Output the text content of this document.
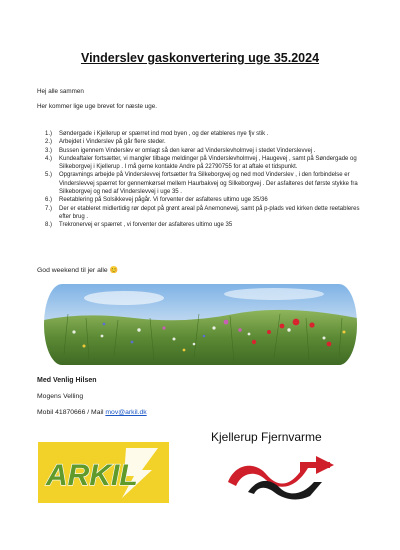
Vinderslev gaskonvertering uge 35.2024
Hej alle sammen
Her kommer lige uge brevet for næste uge.
1.)	Søndergade i Kjellerup er spærret ind mod byen , og der etableres nye fjv stik .
2.)	Arbejdet i Vinderslev på går flere steder.
3.)	Bussen igennem Vinderslev er omlagt så den kører ad Vinderslevholmvej i stedet Vinderslevvej .
4.)	Kundeaftaler fortsætter, vi mangler tilbage meldinger på Vinderslevholmvej , Haugevej , samt på Søndergade og Silkeborgvej i Kjellerup . I må gerne kontakte Andre på 22790755 for at aftale et tidspunkt.
5.)	Opgravnings arbejde på Vinderslevvej fortsætter fra Silkeborgvej og ned mod Vinderslev , i den forbindelse er Vinderslevvej spærret for gennemkørsel mellem Haurbakvej og Silkeborgvej . Der asfalteres det første stykke fra Silkeborgvej og ned af Vinderslevvej i uge 35 .
6.)	Reetablering på Solsikkevej pågår. Vi forventer der asfalteres ultimo uge 35/36
7.)	Der er etableret midlertidig rør depot på grønt areal på Anemonevej, samt på p-plads ved kirken dette reetableres efter brug .
8.)	Trekronervej er spærret , vi forventer der asfalteres ultimo uge 35
God weekend til jer alle 😊
Med Venlig Hilsen
Mogens Velling
Mobil 41870666 / Mail mov@arkil.dk
Kjellerup Fjernvarme
ARKIL
